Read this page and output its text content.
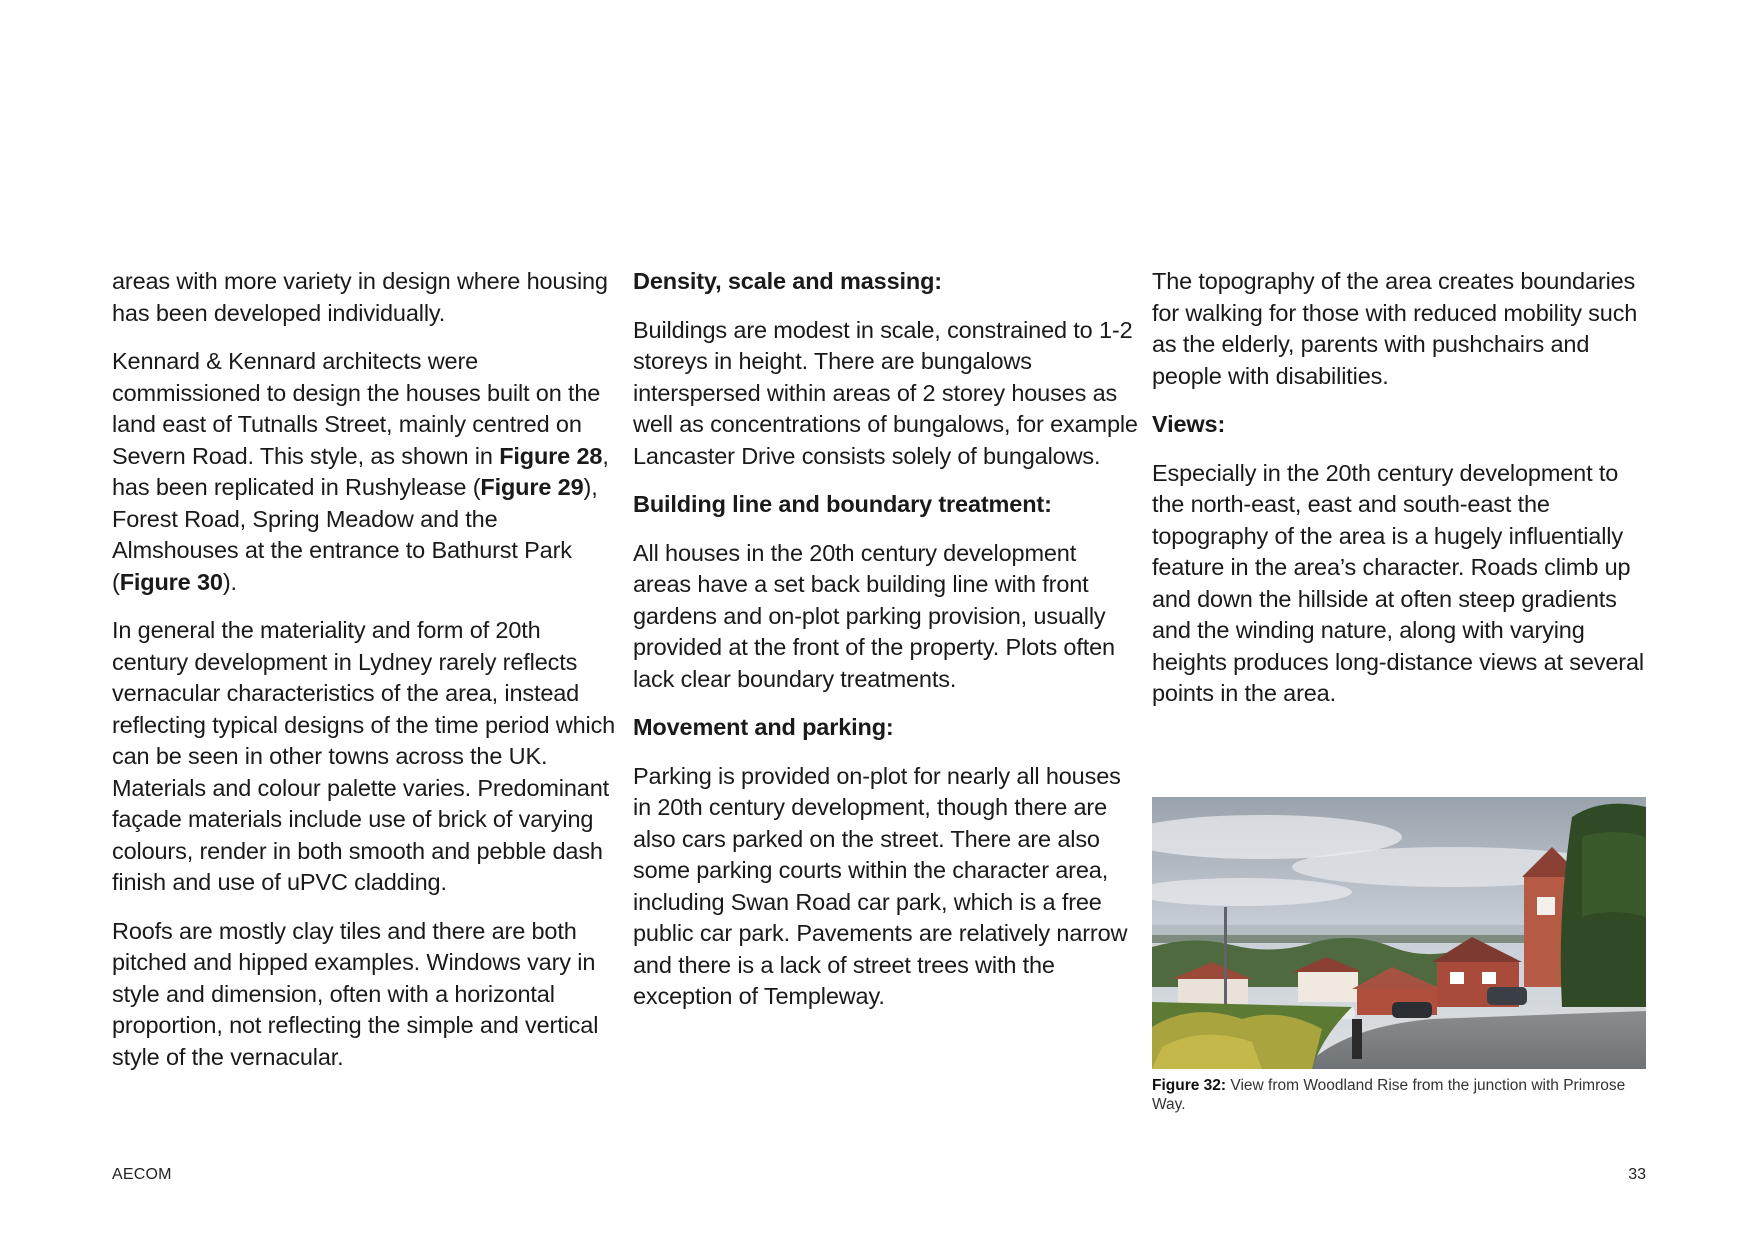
areas with more variety in design where housing has been developed individually.

Kennard & Kennard architects were commissioned to design the houses built on the land east of Tutnalls Street, mainly centred on Severn Road. This style, as shown in Figure 28, has been replicated in Rushylease (Figure 29), Forest Road, Spring Meadow and the Almshouses at the entrance to Bathurst Park (Figure 30).

In general the materiality and form of 20th century development in Lydney rarely reflects vernacular characteristics of the area, instead reflecting typical designs of the time period which can be seen in other towns across the UK. Materials and colour palette varies. Predominant façade materials include use of brick of varying colours, render in both smooth and pebble dash finish and use of uPVC cladding.

Roofs are mostly clay tiles and there are both pitched and hipped examples. Windows vary in style and dimension, often with a horizontal proportion, not reflecting the simple and vertical style of the vernacular.

Density, scale and massing:

Buildings are modest in scale, constrained to 1-2 storeys in height. There are bungalows interspersed within areas of 2 storey houses as well as concentrations of bungalows, for example Lancaster Drive consists solely of bungalows.

Building line and boundary treatment:

All houses in the 20th century development areas have a set back building line with front gardens and on-plot parking provision, usually provided at the front of the property. Plots often lack clear boundary treatments.

Movement and parking:

Parking is provided on-plot for nearly all houses in 20th century development, though there are also cars parked on the street. There are also some parking courts within the character area, including Swan Road car park, which is a free public car park. Pavements are relatively narrow and there is a lack of street trees with the exception of Templeway.

The topography of the area creates boundaries for walking for those with reduced mobility such as the elderly, parents with pushchairs and people with disabilities.

Views:

Especially in the 20th century development to the north-east, east and south-east the topography of the area is a hugely influentially feature in the area’s character. Roads climb up and down the hillside at often steep gradients and the winding nature, along with varying heights produces long-distance views at several points in the area.

Figure 32: View from Woodland Rise from the junction with Primrose Way.

AECOM	33
